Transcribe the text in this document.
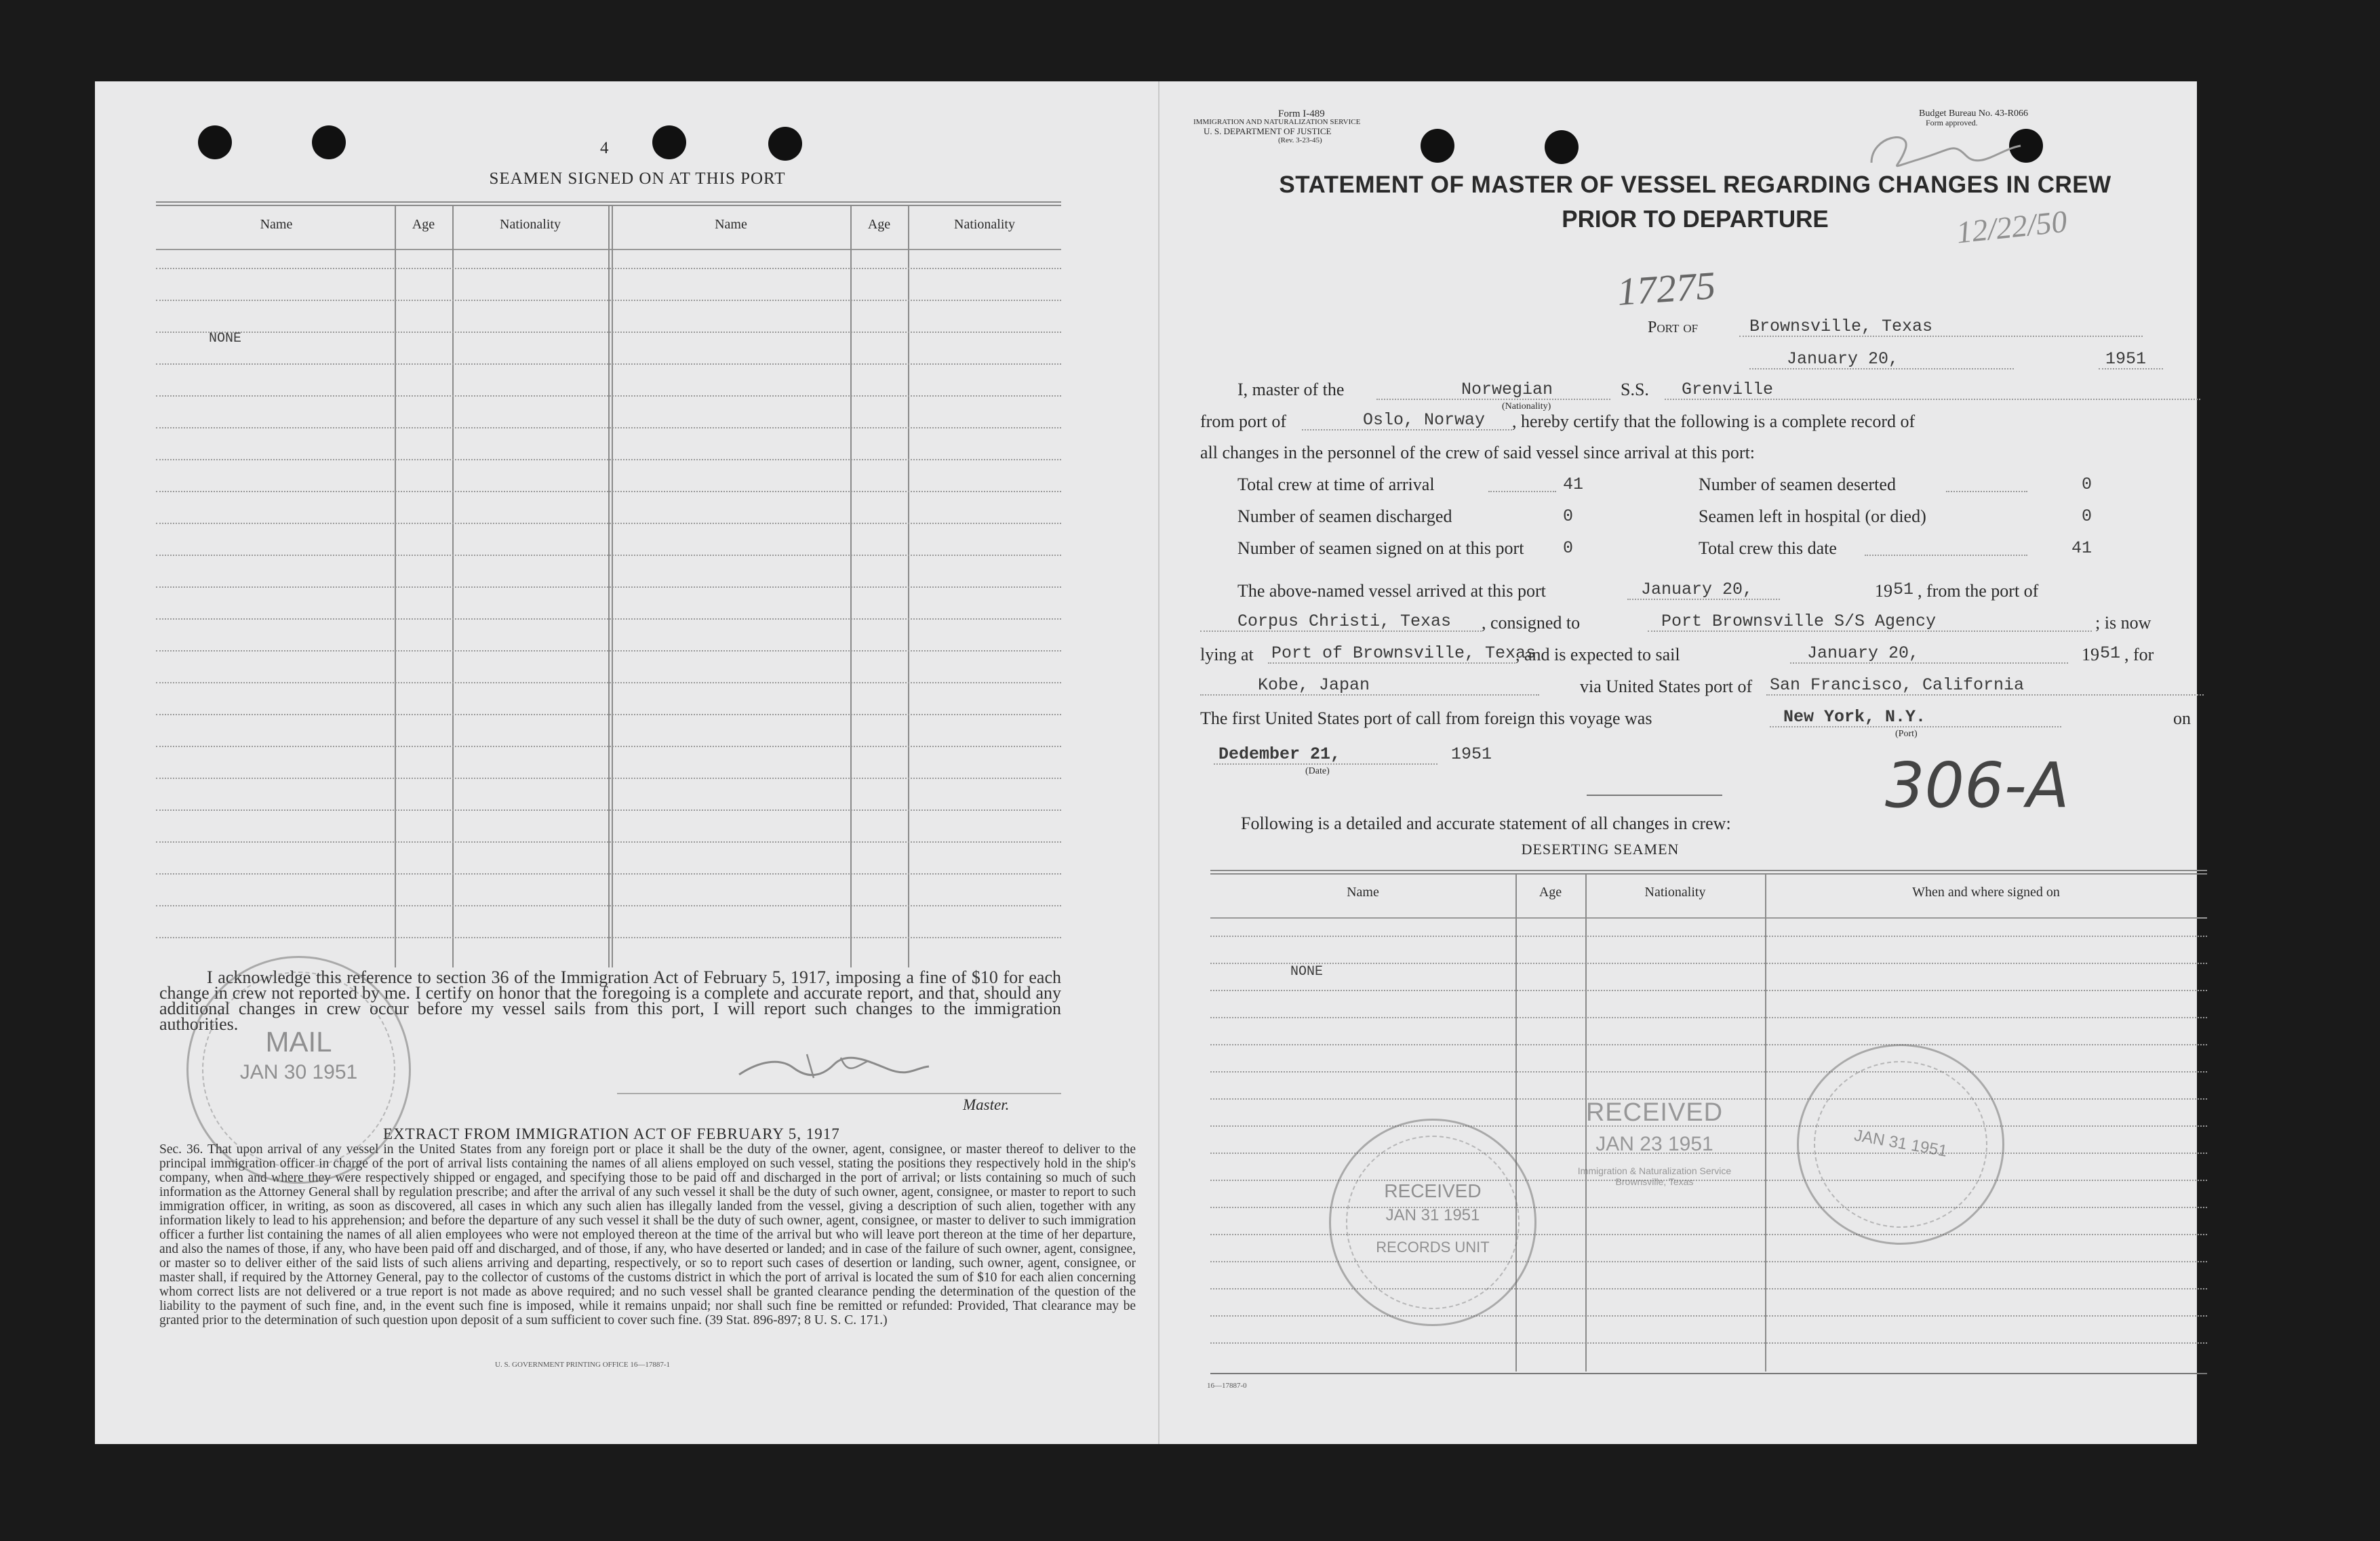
4
SEAMEN SIGNED ON AT THIS PORT
Name	Age	Nationality	Name	Age	Nationality
NONE
I acknowledge this reference to section 36 of the Immigration Act of February 5, 1917, imposing a fine of $10 for each change in crew not reported by me. I certify on honor that the foregoing is a complete and accurate report, and that, should any additional changes in crew occur before my vessel sails from this port, I will report such changes to the immigration authorities.
Master.
EXTRACT FROM IMMIGRATION ACT OF FEBRUARY 5, 1917
Sec. 36. That upon arrival of any vessel in the United States from any foreign port or place it shall be the duty of the owner, agent, consignee, or master thereof to deliver to the principal immigration officer in charge of the port of arrival lists containing the names of all aliens employed on such vessel, stating the positions they respectively hold in the ship's company, when and where they were respectively shipped or engaged, and specifying those to be paid off and discharged in the port of arrival; or lists containing so much of such information as the Attorney General shall by regulation prescribe; and after the arrival of any such vessel it shall be the duty of such owner, agent, consignee, or master to report to such immigration officer, in writing, as soon as discovered, all cases in which any such alien has illegally landed from the vessel, giving a description of such alien, together with any information likely to lead to his apprehension; and before the departure of any such vessel it shall be the duty of such owner, agent, consignee, or master to deliver to such immigration officer a further list containing the names of all alien employees who were not employed thereon at the time of the arrival but who will leave port thereon at the time of her departure, and also the names of those, if any, who have been paid off and discharged, and of those, if any, who have deserted or landed; and in case of the failure of such owner, agent, consignee, or master so to deliver either of the said lists of such aliens arriving and departing, respectively, or so to report such cases of desertion or landing, such owner, agent, consignee, or master shall, if required by the Attorney General, pay to the collector of customs of the customs district in which the port of arrival is located the sum of $10 for each alien concerning whom correct lists are not delivered or a true report is not made as above required; and no such vessel shall be granted clearance pending the determination of the question of the liability to the payment of such fine, and, in the event such fine is imposed, while it remains unpaid; nor shall such fine be remitted or refunded: Provided, That clearance may be granted prior to the determination of such question upon deposit of a sum sufficient to cover such fine. (39 Stat. 896-897; 8 U. S. C. 171.)
U. S. GOVERNMENT PRINTING OFFICE 16—17887-1
MAIL
JAN 30 1951
Form I-489
IMMIGRATION AND NATURALIZATION SERVICE
U. S. DEPARTMENT OF JUSTICE
(Rev. 3-23-45)
Budget Bureau No. 43-R066
Form approved.
STATEMENT OF MASTER OF VESSEL REGARDING CHANGES IN CREW
PRIOR TO DEPARTURE	12/22/50
17275
Port of	Brownsville, Texas
January 20,	1951
I, master of the	Norwegian
(Nationality)
S.S. Grenville
from port of	Oslo, Norway , hereby certify that the following is a complete record of
all changes in the personnel of the crew of said vessel since arrival at this port:
Total crew at time of arrival	41	Number of seamen deserted	0
Number of seamen discharged	0	Seamen left in hospital (or died)	0
Number of seamen signed on at this port 0	Total crew this date	41
The above-named vessel arrived at this port	January 20,	19 51 , from the port of
Corpus Christi, Texas , consigned to	Port Brownsville S/S Agency	; is now
lying at Port of Brownsville, Texas
, and is expected to sail	January 20,	19 51 , for
Kobe, Japan	via United States port of San Francisco, California
The first United States port of call from foreign this voyage was	New York, N.Y.
(Port)
on
Dedember 21,
(Date)
1951	306-A
Following is a detailed and accurate statement of all changes in crew:
DESERTING SEAMEN
Name	Age	Nationality	When and where signed on
NONE
16—17887-0
RECEIVED
JAN 31 1951
RECORDS UNIT
RECEIVED
JAN 23 1951
Immigration & Naturalization Service
Brownsville, Texas
JAN 31 1951
